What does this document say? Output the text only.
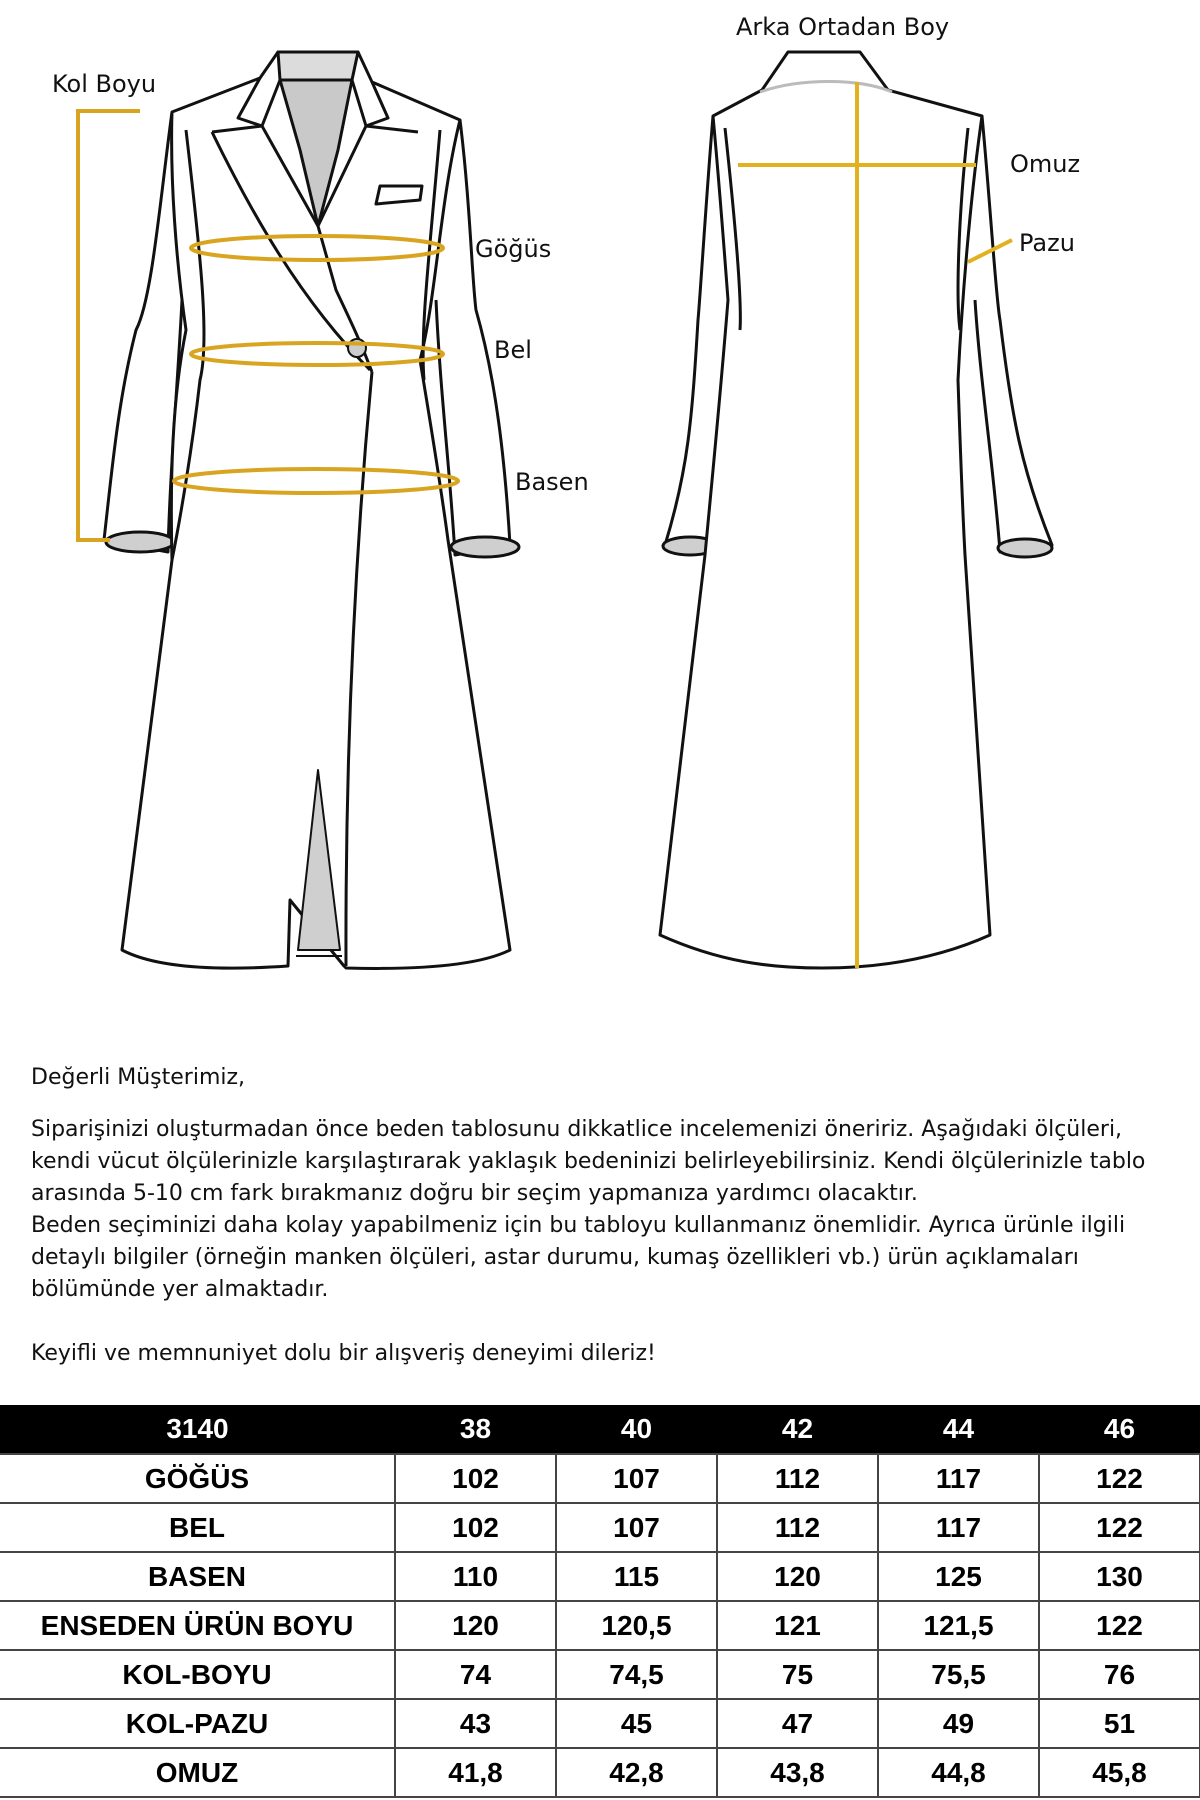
Kol Boyu
Göğüs
Bel
Basen
Arka Ortadan Boy
Omuz
Pazu

Değerli Müşterimiz,

Siparişinizi oluşturmadan önce beden tablosunu dikkatlice incelemenizi öneririz. Aşağıdaki ölçüleri, kendi vücut ölçülerinizle karşılaştırarak yaklaşık bedeninizi belirleyebilirsiniz. Kendi ölçülerinizle tablo arasında 5-10 cm fark bırakmanız doğru bir seçim yapmanıza yardımcı olacaktır.

Beden seçiminizi daha kolay yapabilmeniz için bu tabloyu kullanmanız önemlidir. Ayrıca ürünle ilgili detaylı bilgiler (örneğin manken ölçüleri, astar durumu, kumaş özellikleri vb.) ürün açıklamaları bölümünde yer almaktadır.

Keyifli ve memnuniyet dolu bir alışveriş deneyimi dileriz!

3140	38	40	42	44	46
GÖĞÜS	102	107	112	117	122
BEL	102	107	112	117	122
BASEN	110	115	120	125	130
ENSEDEN ÜRÜN BOYU	120	120,5	121	121,5	122
KOL-BOYU	74	74,5	75	75,5	76
KOL-PAZU	43	45	47	49	51
OMUZ	41,8	42,8	43,8	44,8	45,8
